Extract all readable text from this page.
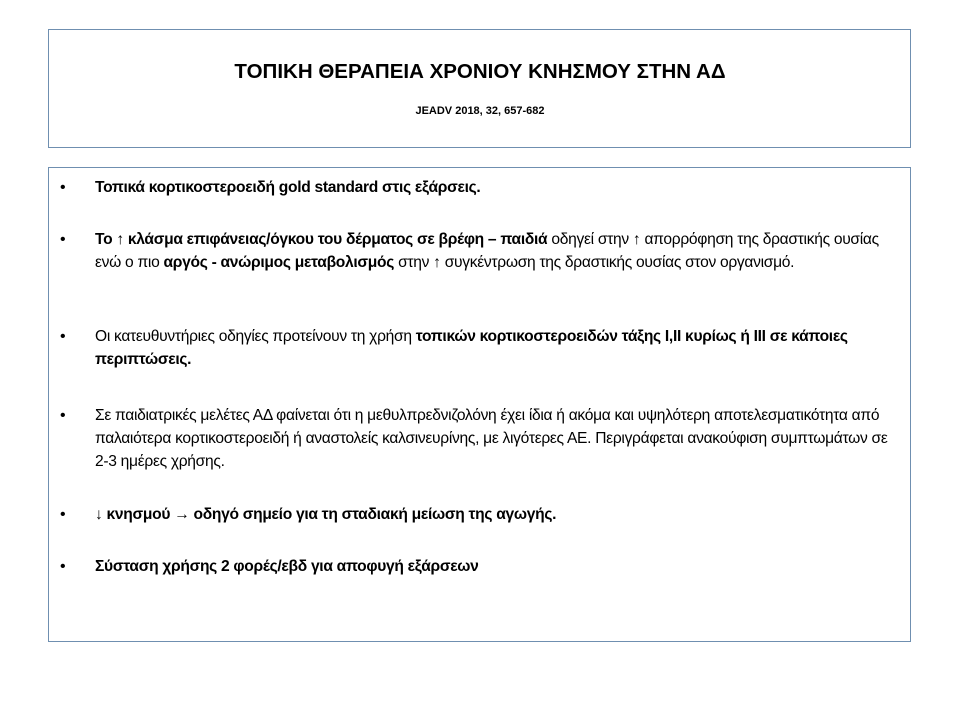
ΤΟΠΙΚΗ ΘΕΡΑΠΕΙΑ ΧΡΟΝΙΟΥ ΚΝΗΣΜΟΥ ΣΤΗΝ ΑΔ
JEADV 2018, 32, 657-682
•	Τοπικά κορτικοστεροειδή gold standard στις εξάρσεις.
•	Το ↑ κλάσμα επιφάνειας/όγκου του δέρματος σε βρέφη – παιδιά οδηγεί στην ↑ απορρόφηση της δραστικής ουσίας ενώ ο πιο αργός - ανώριμος μεταβολισμός στην ↑ συγκέντρωση της δραστικής ουσίας στον οργανισμό.
•	Οι κατευθυντήριες οδηγίες προτείνουν τη χρήση τοπικών κορτικοστεροειδών τάξης I,II κυρίως ή III σε κάποιες περιπτώσεις.
•	Σε παιδιατρικές μελέτες ΑΔ φαίνεται ότι η μεθυλπρεδνιζολόνη έχει ίδια ή ακόμα και υψηλότερη αποτελεσματικότητα από παλαιότερα κορτικοστεροειδή ή αναστολείς καλσινευρίνης, με λιγότερες ΑΕ. Περιγράφεται ανακούφιση συμπτωμάτων σε 2-3 ημέρες χρήσης.
•	↓ κνησμού → οδηγό σημείο για τη σταδιακή μείωση της αγωγής.
•	Σύσταση χρήσης 2 φορές/εβδ για αποφυγή εξάρσεων
